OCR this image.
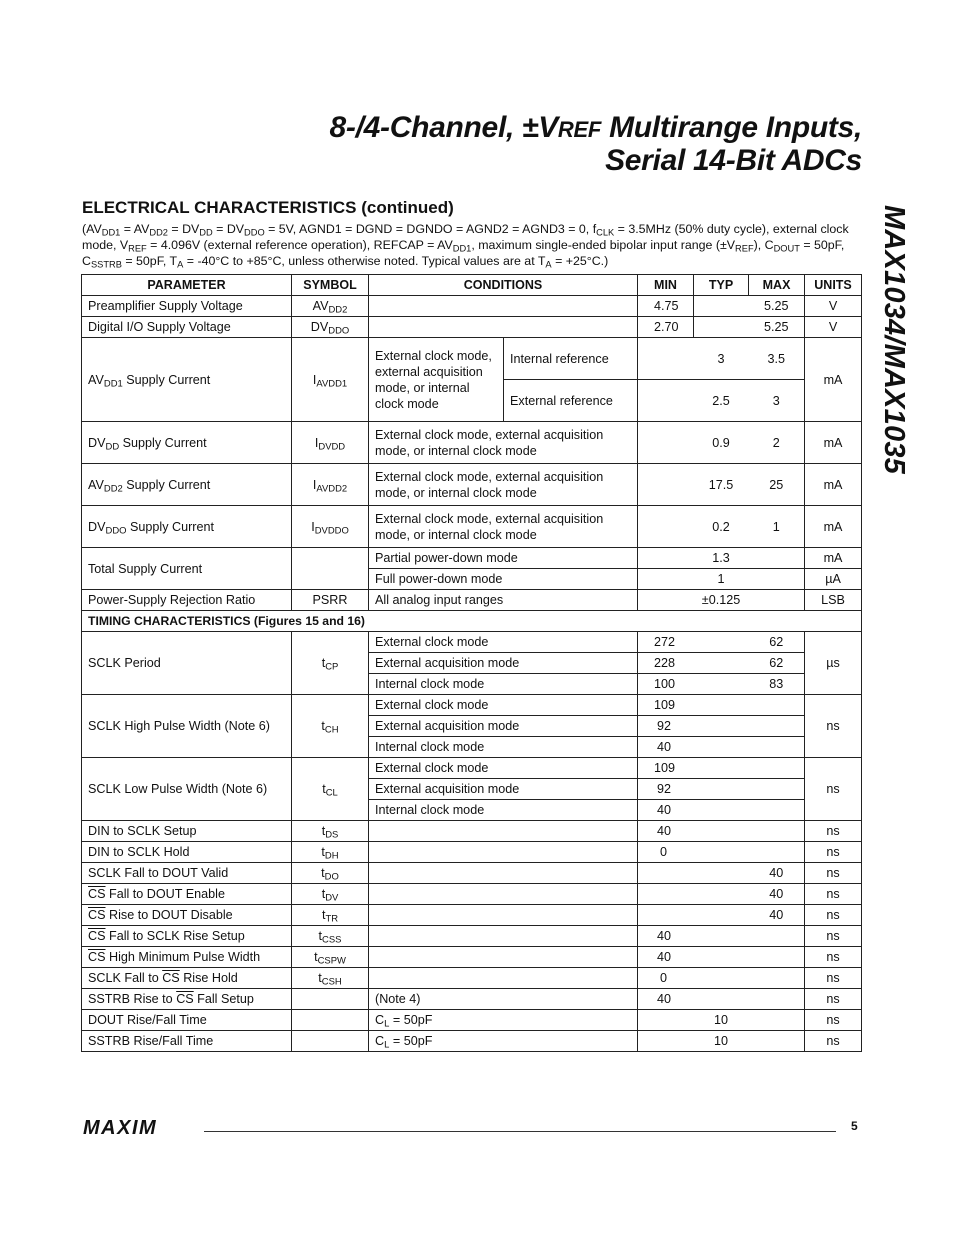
8-/4-Channel, ±VREF Multirange Inputs,
Serial 14-Bit ADCs
MAX1034/MAX1035
ELECTRICAL CHARACTERISTICS (continued)
($AV_{DD1} = AV_{DD2} = DV_{DD} = DV_{DDO} = 5V$, AGND1 = DGND = DGNDO = AGND2 = AGND3 = 0, $f_{CLK} = 3.5MHz$ (50% duty cycle), external clock mode, $V_{REF} = 4.096V$ (external reference operation), REFCAP = $AV_{DD1}$, maximum single-ended bipolar input range $(\pm V_{REF})$, $C_{DOUT} = 50pF$, $C_{SSTRB} = 50pF$, $T_A = -40^\circ C$ to +85°C, unless otherwise noted. Typical values are at $T_A = +25^\circ C$.)
PARAMETER	SYMBOL	CONDITIONS		MIN	TYP	MAX	UNITS
Preamplifier Supply Voltage	$AV_{DD2}$			4.75		5.25	V
Digital I/O Supply Voltage	$DV_{DDO}$			2.70		5.25	V
$AV_{DD1}$ Supply Current	$I_{AVDD1}$	External clock mode, external acquisition mode, or internal clock mode	Internal reference		3	3.5	mA
			External reference		2.5	3	
$DV_{DD}$ Supply Current	$I_{DVDD}$	External clock mode, external acquisition mode, or internal clock mode			0.9	2	mA
$AV_{DD2}$ Supply Current	$I_{AVDD2}$	External clock mode, external acquisition mode, or internal clock mode			17.5	25	mA
$DV_{DDO}$ Supply Current	$I_{DVDDO}$	External clock mode, external acquisition mode, or internal clock mode			0.2	1	mA
Total Supply Current		Partial power-down mode		1.3			mA
		Full power-down mode		1			µA
Power-Supply Rejection Ratio	PSRR	All analog input ranges		±0.125			LSB
TIMING CHARACTERISTICS (Figures 15 and 16)							
SCLK Period	$t_{CP}$	External clock mode		272		62	µs
		External acquisition mode		228		62	
		Internal clock mode		100		83	
SCLK High Pulse Width (Note 6)	$t_{CH}$	External clock mode		109			ns
		External acquisition mode		92			
		Internal clock mode		40			
SCLK Low Pulse Width (Note 6)	$t_{CL}$	External clock mode		109			ns
		External acquisition mode		92			
		Internal clock mode		40			
DIN to SCLK Setup	$t_{DS}$			40			ns
DIN to SCLK Hold	$t_{DH}$			0			ns
SCLK Fall to DOUT Valid	$t_{DO}$					40	ns
$\overline{CS}$ Fall to DOUT Enable	$t_{DV}$					40	ns
$\overline{CS}$ Rise to DOUT Disable	$t_{TR}$					40	ns
$\overline{CS}$ Fall to SCLK Rise Setup	$t_{CSS}$			40			ns
$\overline{CS}$ High Minimum Pulse Width	$t_{CSPW}$			40			ns
SCLK Fall to $\overline{CS}$ Rise Hold	$t_{CSH}$			0			ns
SSTRB Rise to $\overline{CS}$ Fall Setup		(Note 4)		40			ns
DOUT Rise/Fall Time		$C_L = 50pF$		10			ns
SSTRB Rise/Fall Time		$C_L = 50pF$		10			ns
MAXIM	5
